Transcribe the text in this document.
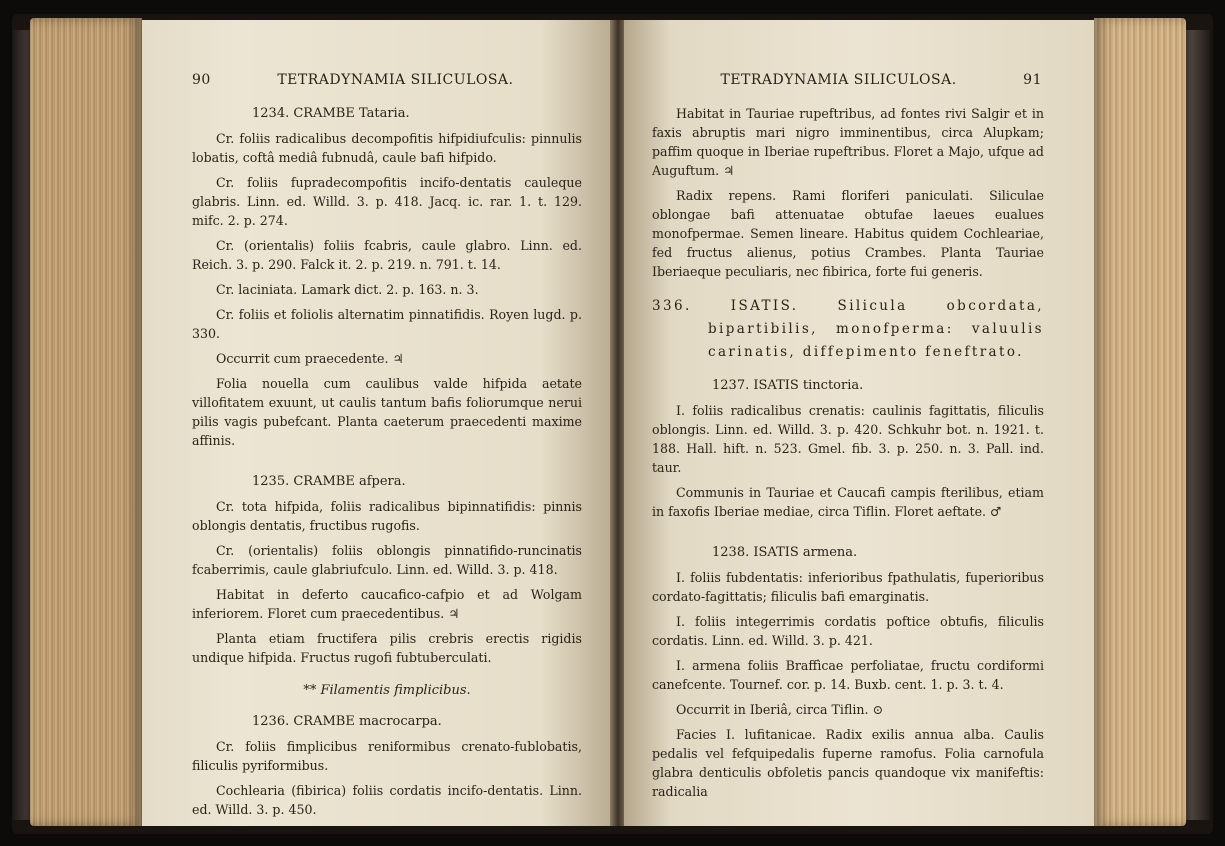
90	TETRADYNAMIA SILICULOSA.

1234. CRAMBE Tataria.

Cr. foliis radicalibus decompofitis hifpidiufculis: pinnulis lobatis, coftâ mediâ fubnudâ, caule bafi hifpido.

Cr. foliis fupradecompofitis incifo-dentatis cauleque glabris. Linn. ed. Willd. 3. p. 418. Jacq. ic. rar. 1. t. 129. mifc. 2. p. 274.

Cr. (orientalis) foliis fcabris, caule glabro. Linn. ed. Reich. 3. p. 290. Falck it. 2. p. 219. n. 791. t. 14.

Cr. laciniata. Lamark dict. 2. p. 163. n. 3.

Cr. foliis et foliolis alternatim pinnatifidis. Royen lugd. p. 330.

Occurrit cum praecedente. ♃

Folia nouella cum caulibus valde hifpida aetate villofitatem exuunt, ut caulis tantum bafis foliorumque nerui pilis vagis pubefcant. Planta caeterum praecedenti maxime affinis.

1235. CRAMBE afpera.

Cr. tota hifpida, foliis radicalibus bipinnatifidis: pinnis oblongis dentatis, fructibus rugofis.

Cr. (orientalis) foliis oblongis pinnatifido-runcinatis fcaberrimis, caule glabriufculo. Linn. ed. Willd. 3. p. 418.

Habitat in deferto caucafico-cafpio et ad Wolgam inferiorem. Floret cum praecedentibus. ♃

Planta etiam fructifera pilis crebris erectis rigidis undique hifpida. Fructus rugofi fubtuberculati.

** Filamentis fimplicibus.

1236. CRAMBE macrocarpa.

Cr. foliis fimplicibus reniformibus crenato-fublobatis, filiculis pyriformibus.

Cochlearia (fibirica) foliis cordatis incifo-dentatis. Linn. ed. Willd. 3. p. 450.

TETRADYNAMIA SILICULOSA.	91

Habitat in Tauriae rupeftribus, ad fontes rivi Salgir et in faxis abruptis mari nigro imminentibus, circa Alupkam; paffim quoque in Iberiae rupeftribus. Floret a Majo, ufque ad Auguftum. ♃

Radix repens. Rami floriferi paniculati. Siliculae oblongae bafi attenuatae obtufae laeues eualues monofpermae. Semen lineare. Habitus quidem Cochleariae, fed fructus alienus, potius Crambes. Planta Tauriae Iberiaeque peculiaris, nec fibirica, forte fui generis.

336. ISATIS. Silicula obcordata, bipartibilis, monofperma: valuulis carinatis, diffepimento feneftrato.

1237. ISATIS tinctoria.

I. foliis radicalibus crenatis: caulinis fagittatis, filiculis oblongis. Linn. ed. Willd. 3. p. 420. Schkuhr bot. n. 1921. t. 188. Hall. hift. n. 523. Gmel. fib. 3. p. 250. n. 3. Pall. ind. taur.

Communis in Tauriae et Caucafi campis fterilibus, etiam in faxofis Iberiae mediae, circa Tiflin. Floret aeftate. ♂

1238. ISATIS armena.

I. foliis fubdentatis: inferioribus fpathulatis, fuperioribus cordato-fagittatis; filiculis bafi emarginatis.

I. foliis integerrimis cordatis pofticе obtufis, filiculis cordatis. Linn. ed. Willd. 3. p. 421.

I. armena foliis Braffìcae perfoliatae, fructu cordiformi canefcente. Tournef. cor. p. 14. Buxb. cent. 1. p. 3. t. 4.

Occurrit in Iberiâ, circa Tiflin. ⊙

Facies I. lufitanicae. Radix exilis annua alba. Caulis pedalis vel fefquipedalis fuperne ramofus. Folia carnofula glabra denticulis obfoletis pancis quandoque vix manifeftis: radicalia
